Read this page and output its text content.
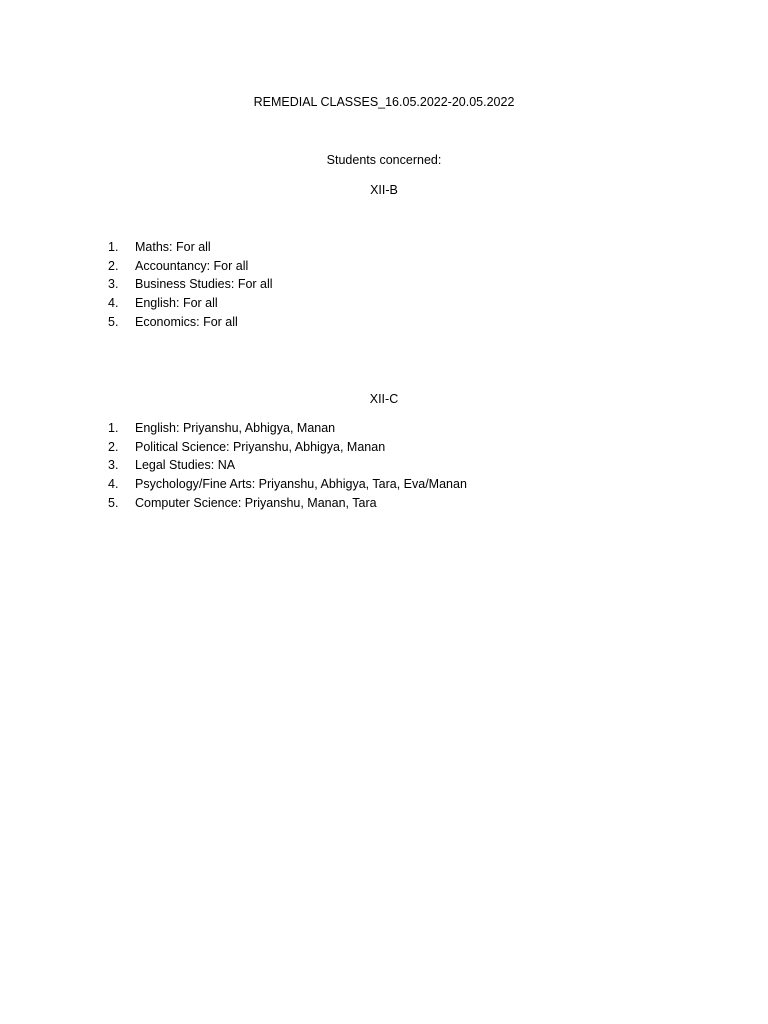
REMEDIAL CLASSES_16.05.2022-20.05.2022
Students concerned:
XII-B
1. Maths: For all
2. Accountancy: For all
3. Business Studies: For all
4. English: For all
5. Economics: For all
XII-C
1. English: Priyanshu, Abhigya, Manan
2. Political Science: Priyanshu, Abhigya, Manan
3. Legal Studies: NA
4. Psychology/Fine Arts: Priyanshu, Abhigya, Tara, Eva/Manan
5. Computer Science: Priyanshu, Manan, Tara
